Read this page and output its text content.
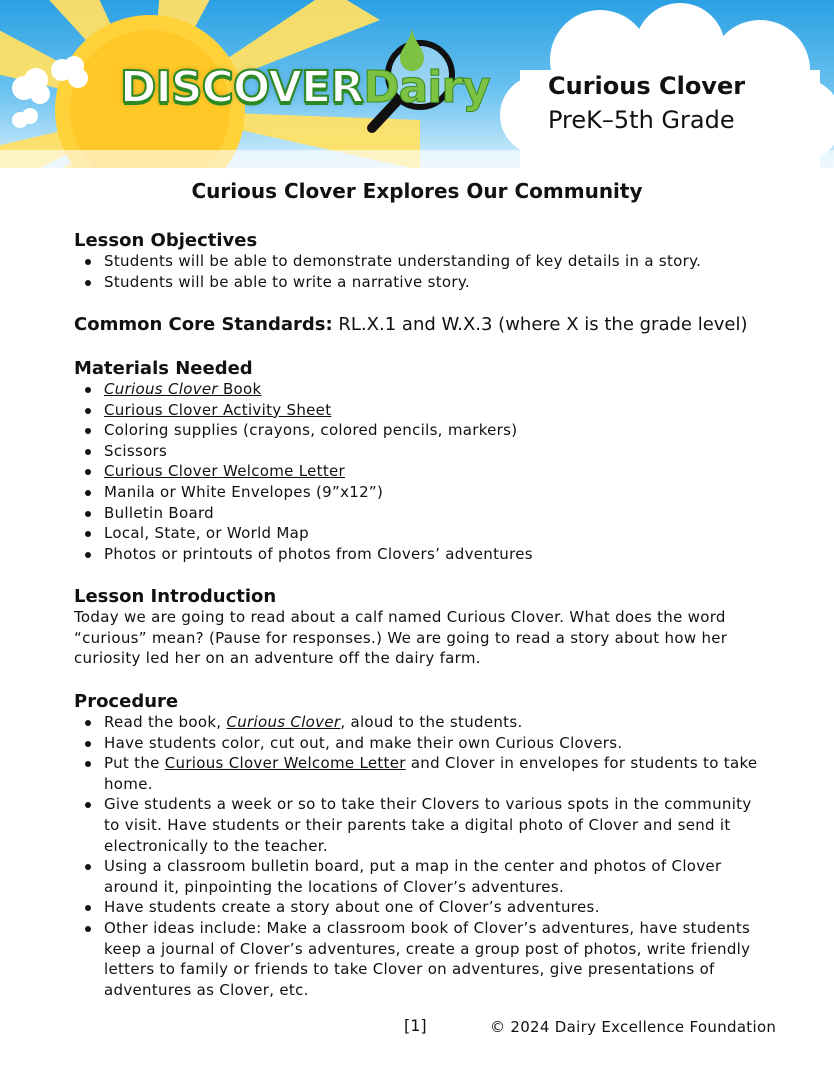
DISCOVERDairy Curious Clover
PreK–5th Grade
Curious Clover Explores Our Community
Lesson Objectives
Students will be able to demonstrate understanding of key details in a story.
Students will be able to write a narrative story.
Common Core Standards: RL.X.1 and W.X.3 (where X is the grade level)
Materials Needed
Curious Clover Book
Curious Clover Activity Sheet
Coloring supplies (crayons, colored pencils, markers)
Scissors
Curious Clover Welcome Letter
Manila or White Envelopes (9”x12”)
Bulletin Board
Local, State, or World Map
Photos or printouts of photos from Clovers’ adventures
Lesson Introduction

Today we are going to read about a calf named Curious Clover. What does the word “curious” mean? (Pause for responses.) We are going to read a story about how her curiosity led her on an adventure off the dairy farm.

Procedure
Read the book, Curious Clover, aloud to the students.
Have students color, cut out, and make their own Curious Clovers.
Put the Curious Clover Welcome Letter and Clover in envelopes for students to take home.
Give students a week or so to take their Clovers to various spots in the community to visit. Have students or their parents take a digital photo of Clover and send it electronically to the teacher.
Using a classroom bulletin board, put a map in the center and photos of Clover around it, pinpointing the locations of Clover’s adventures.
Have students create a story about one of Clover’s adventures.
Other ideas include: Make a classroom book of Clover’s adventures, have students keep a journal of Clover’s adventures, create a group post of photos, write friendly letters to family or friends to take Clover on adventures, give presentations of adventures as Clover, etc.
[1]	© 2024 Dairy Excellence Foundation
